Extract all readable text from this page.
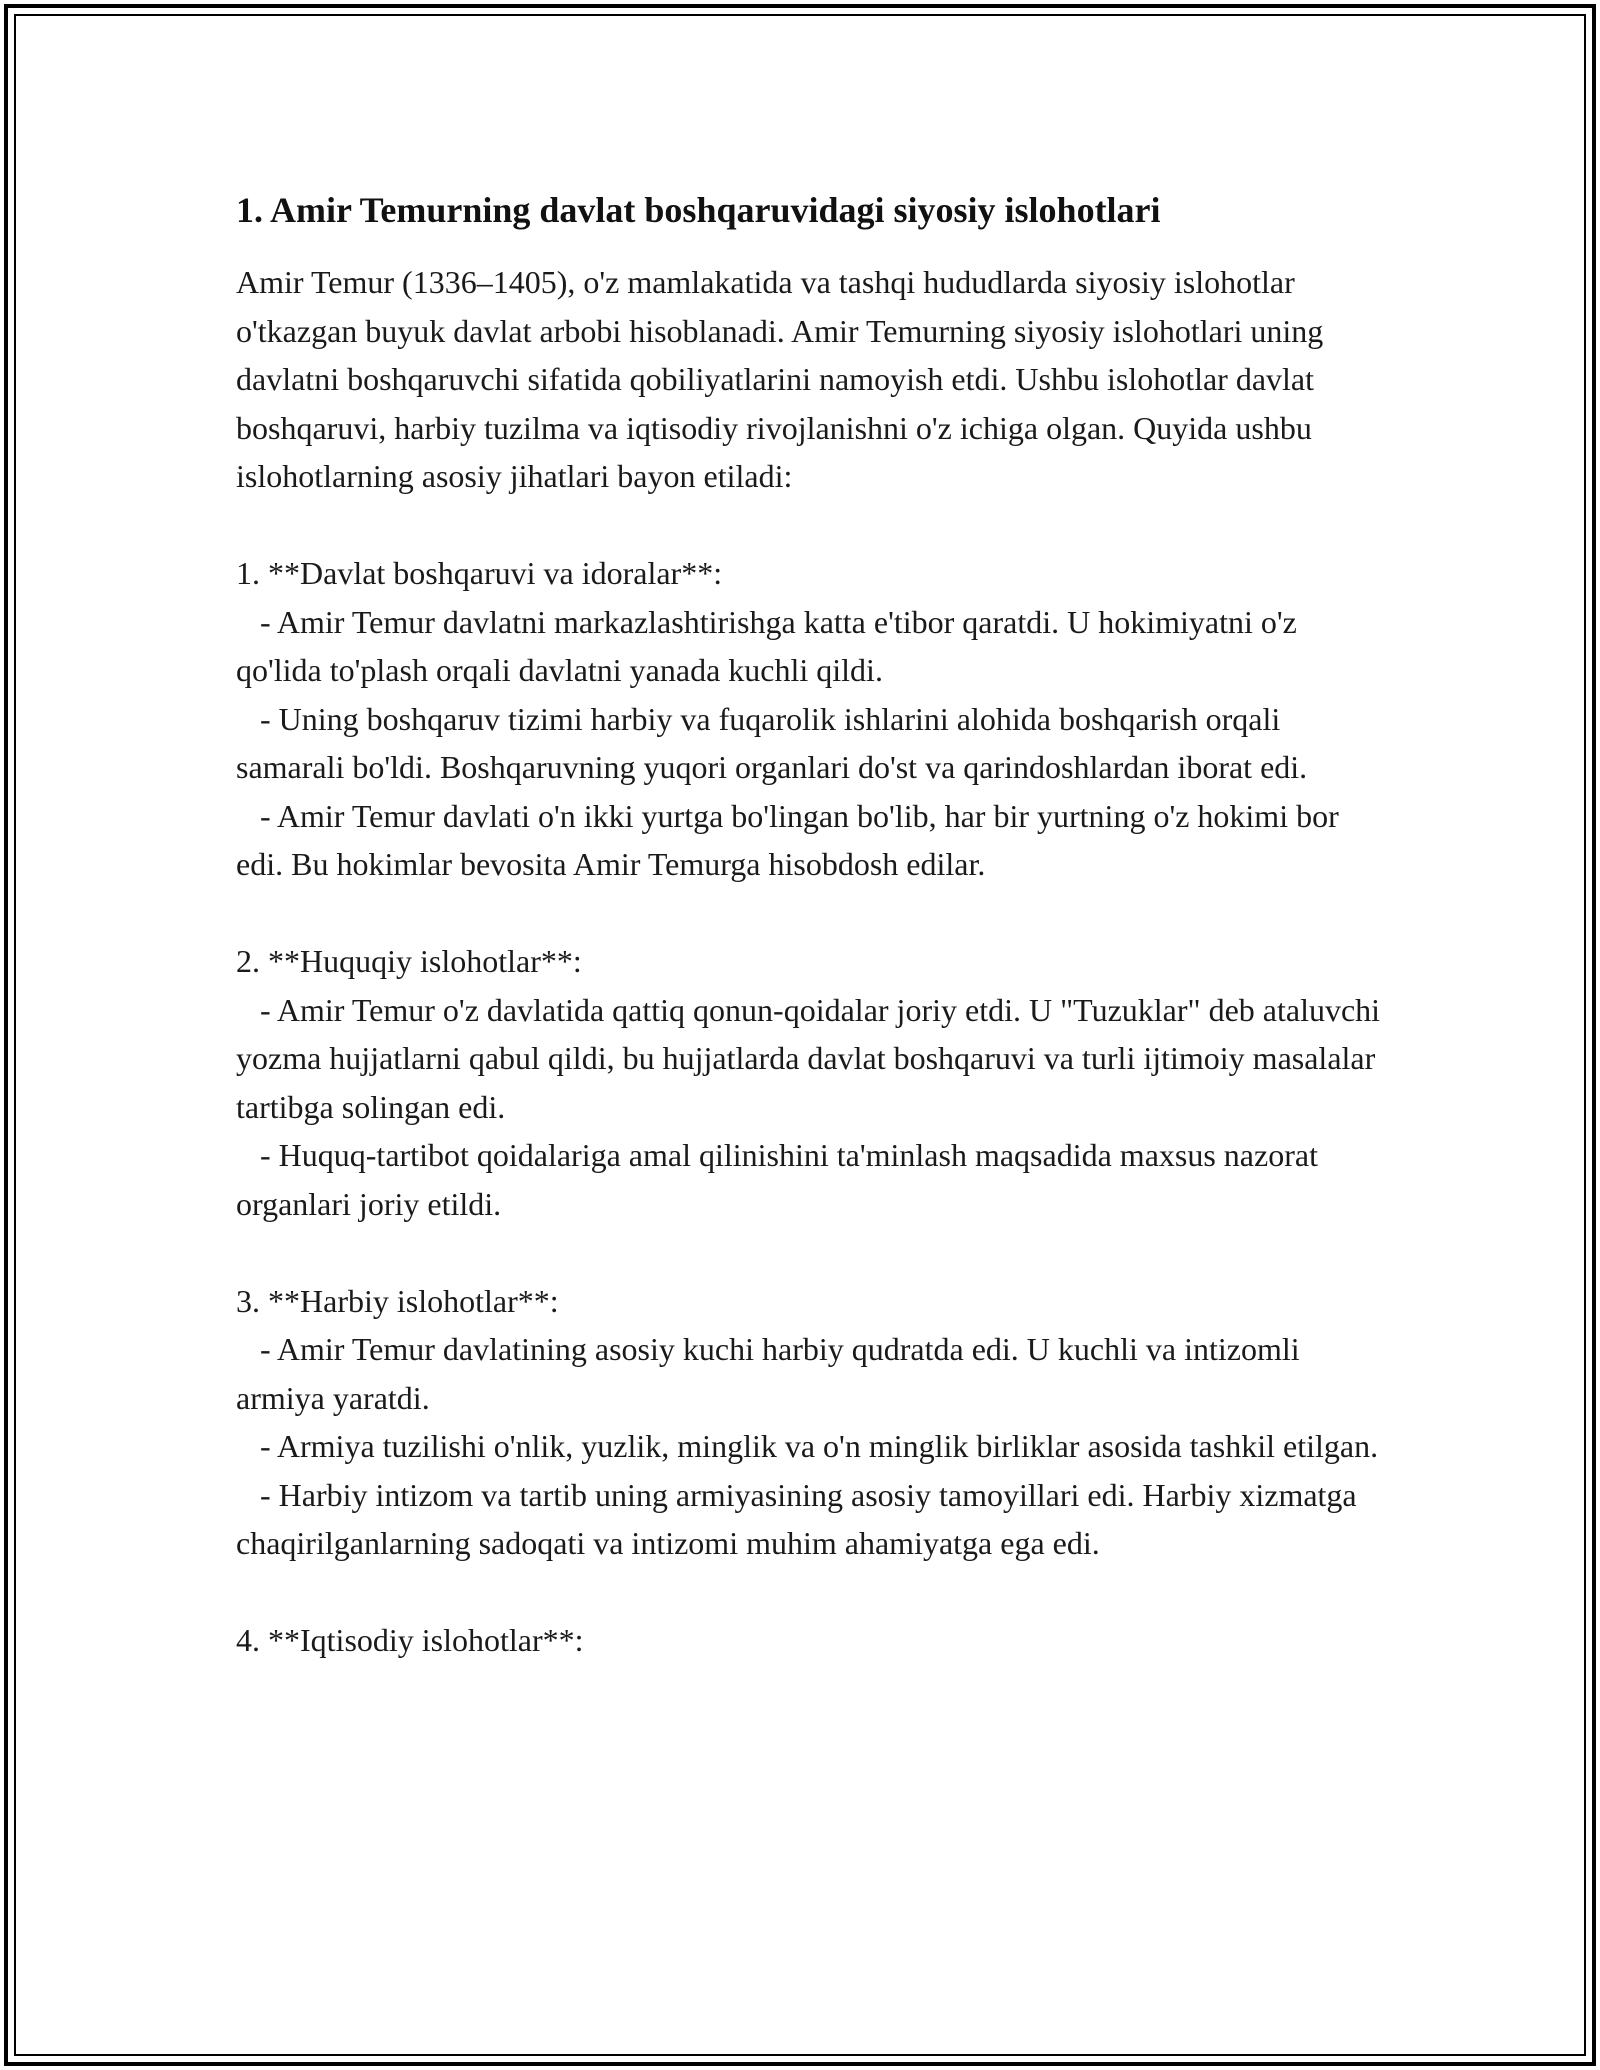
1. Amir Temurning davlat boshqaruvidagi siyosiy islohotlari

Amir Temur (1336–1405), o'z mamlakatida va tashqi hududlarda siyosiy islohotlar o'tkazgan buyuk davlat arbobi hisoblanadi. Amir Temurning siyosiy islohotlari uning davlatni boshqaruvchi sifatida qobiliyatlarini namoyish etdi. Ushbu islohotlar davlat boshqaruvi, harbiy tuzilma va iqtisodiy rivojlanishni o'z ichiga olgan. Quyida ushbu islohotlarning asosiy jihatlari bayon etiladi:

1. **Davlat boshqaruvi va idoralar**:
- Amir Temur davlatni markazlashtirishga katta e'tibor qaratdi. U hokimiyatni o'z qo'lida to'plash orqali davlatni yanada kuchli qildi.
- Uning boshqaruv tizimi harbiy va fuqarolik ishlarini alohida boshqarish orqali samarali bo'ldi. Boshqaruvning yuqori organlari do'st va qarindoshlardan iborat edi.
- Amir Temur davlati o'n ikki yurtga bo'lingan bo'lib, har bir yurtning o'z hokimi bor edi. Bu hokimlar bevosita Amir Temurga hisobdosh edilar.
2. **Huquqiy islohotlar**:
- Amir Temur o'z davlatida qattiq qonun-qoidalar joriy etdi. U "Tuzuklar" deb ataluvchi yozma hujjatlarni qabul qildi, bu hujjatlarda davlat boshqaruvi va turli ijtimoiy masalalar tartibga solingan edi.
- Huquq-tartibot qoidalariga amal qilinishini ta'minlash maqsadida maxsus nazorat organlari joriy etildi.
3. **Harbiy islohotlar**:
- Amir Temur davlatining asosiy kuchi harbiy qudratda edi. U kuchli va intizomli armiya yaratdi.
- Armiya tuzilishi o'nlik, yuzlik, minglik va o'n minglik birliklar asosida tashkil etilgan.
- Harbiy intizom va tartib uning armiyasining asosiy tamoyillari edi. Harbiy xizmatga chaqirilganlarning sadoqati va intizomi muhim ahamiyatga ega edi.
4. **Iqtisodiy islohotlar**:
